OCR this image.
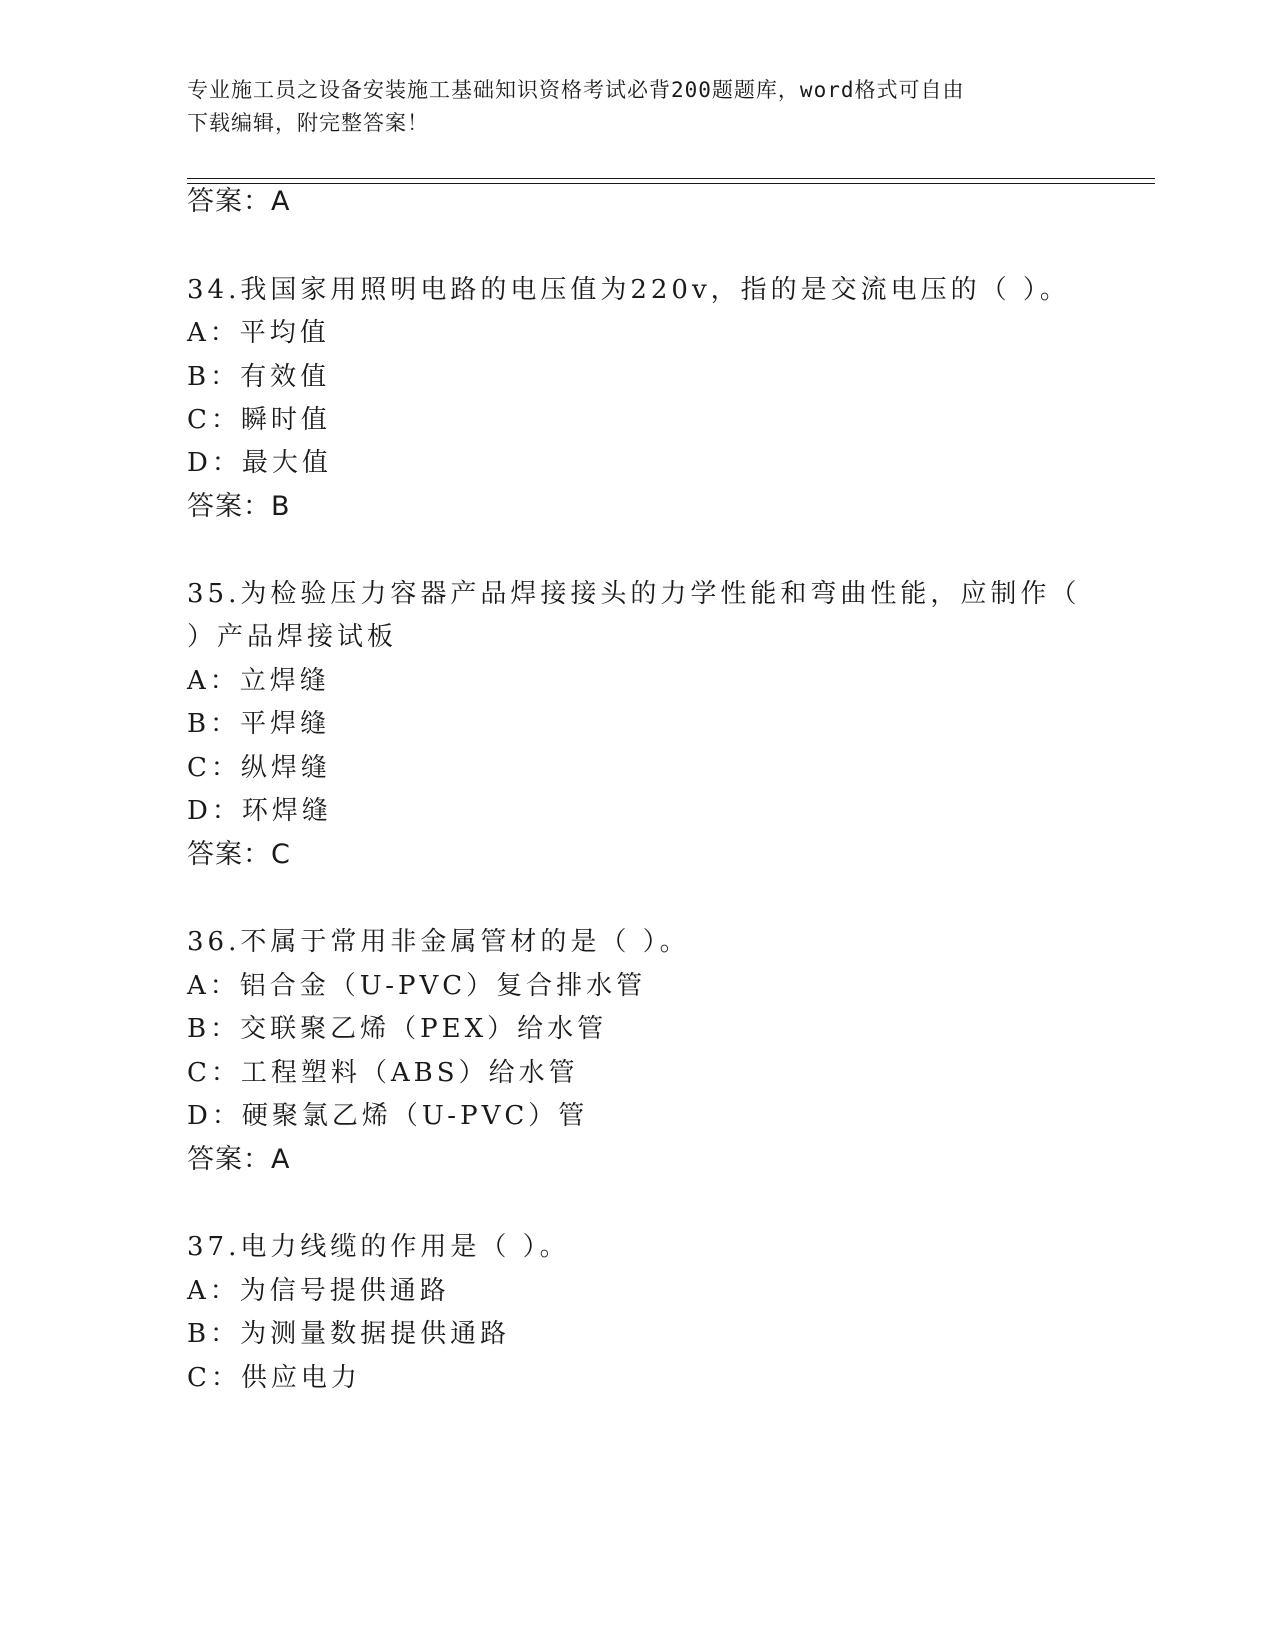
专业施工员之设备安装施工基础知识资格考试必背200题题库，word格式可自由
下载编辑，附完整答案！
答案：A
34.我国家用照明电路的电压值为220v，指的是交流电压的（ ）。
A：平均值
B：有效值
C：瞬时值
D：最大值
答案：B
35.为检验压力容器产品焊接接头的力学性能和弯曲性能，应制作（
）产品焊接试板
A：立焊缝
B：平焊缝
C：纵焊缝
D：环焊缝
答案：C
36.不属于常用非金属管材的是（ ）。
A：铝合金（U-PVC）复合排水管
B：交联聚乙烯（PEX）给水管
C：工程塑料（ABS）给水管
D：硬聚氯乙烯（U-PVC）管
答案：A
37.电力线缆的作用是（ ）。
A：为信号提供通路
B：为测量数据提供通路
C：供应电力
